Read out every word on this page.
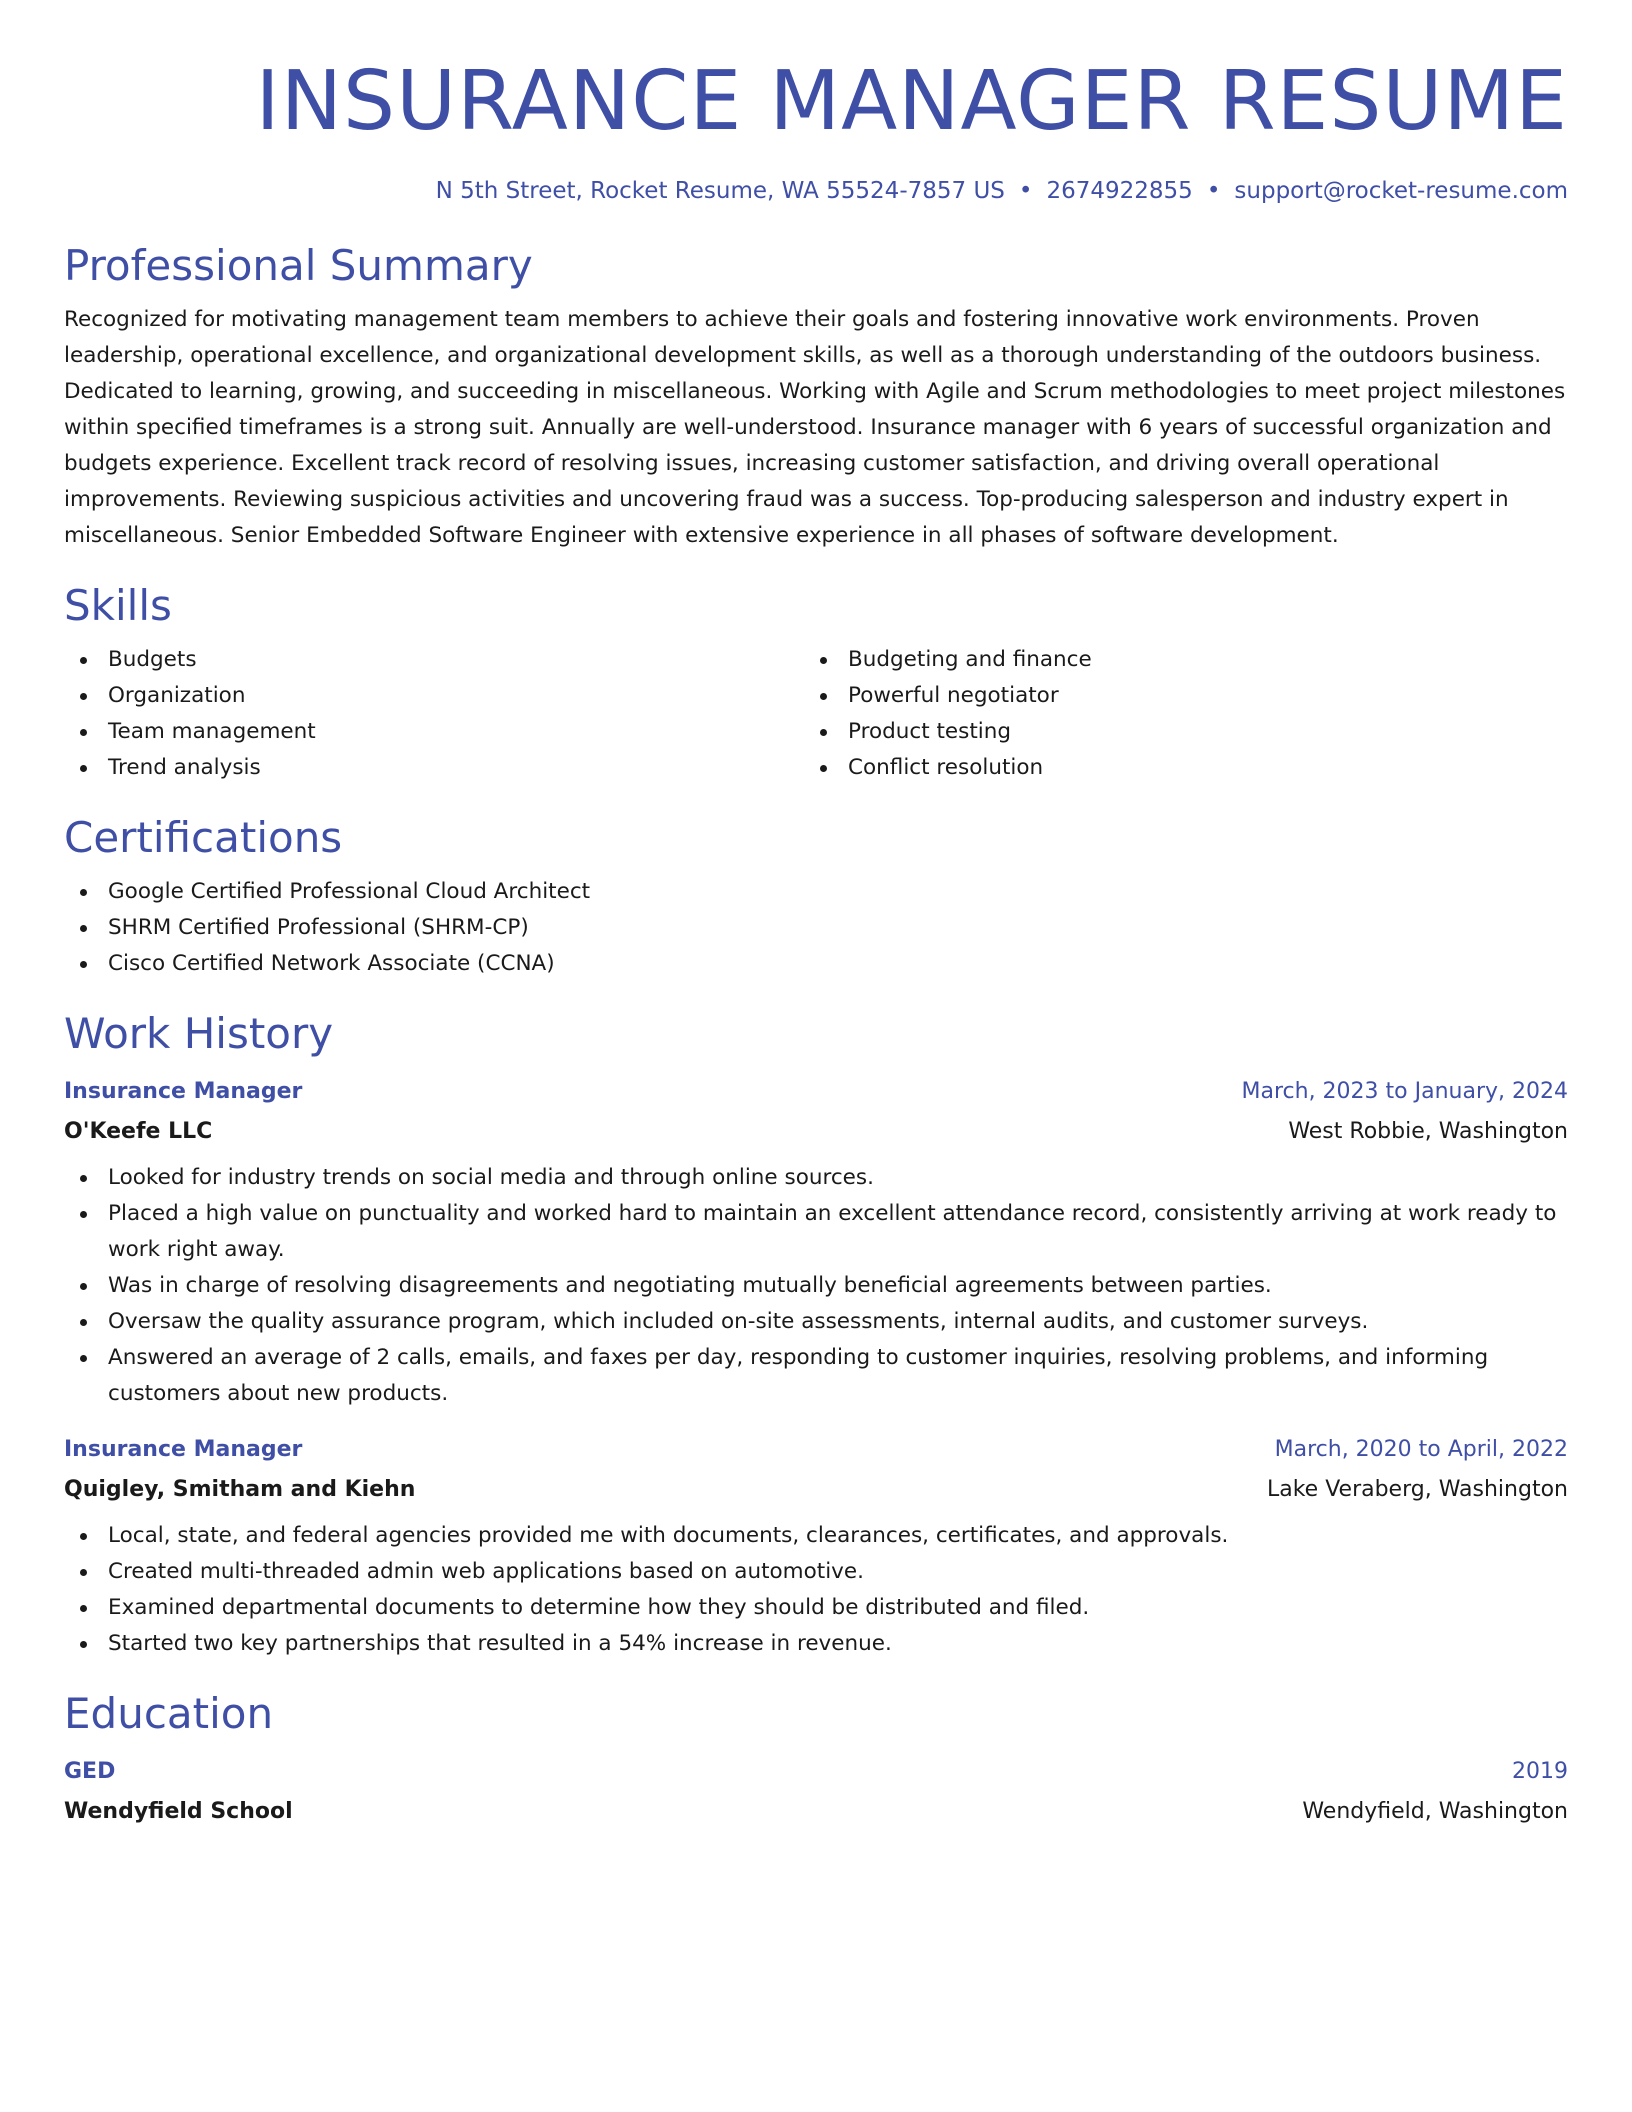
INSURANCE MANAGER RESUME
N 5th Street, Rocket Resume, WA 55524-7857 US • 2674922855 • support@rocket-resume.com
Professional Summary

Recognized for motivating management team members to achieve their goals and fostering innovative work environments. Proven leadership, operational excellence, and organizational development skills, as well as a thorough understanding of the outdoors business. Dedicated to learning, growing, and succeeding in miscellaneous. Working with Agile and Scrum methodologies to meet project milestones within specified timeframes is a strong suit. Annually are well-understood. Insurance manager with 6 years of successful organization and budgets experience. Excellent track record of resolving issues, increasing customer satisfaction, and driving overall operational improvements. Reviewing suspicious activities and uncovering fraud was a success. Top-producing salesperson and industry expert in miscellaneous. Senior Embedded Software Engineer with extensive experience in all phases of software development.

Skills
Budgets
Organization
Team management
Trend analysis
Budgeting and finance
Powerful negotiator
Product testing
Conflict resolution
Certifications
Google Certified Professional Cloud Architect
SHRM Certified Professional (SHRM-CP)
Cisco Certified Network Associate (CCNA)
Work History
Insurance Manager	March, 2023 to January, 2024
O'Keefe LLC	West Robbie, Washington
Looked for industry trends on social media and through online sources.
Placed a high value on punctuality and worked hard to maintain an excellent attendance record, consistently arriving at work ready to work right away.
Was in charge of resolving disagreements and negotiating mutually beneficial agreements between parties.
Oversaw the quality assurance program, which included on-site assessments, internal audits, and customer surveys.
Answered an average of 2 calls, emails, and faxes per day, responding to customer inquiries, resolving problems, and informing customers about new products.
Insurance Manager	March, 2020 to April, 2022
Quigley, Smitham and Kiehn	Lake Veraberg, Washington
Local, state, and federal agencies provided me with documents, clearances, certificates, and approvals.
Created multi-threaded admin web applications based on automotive.
Examined departmental documents to determine how they should be distributed and filed.
Started two key partnerships that resulted in a 54% increase in revenue.
Education
GED	2019
Wendyfield School	Wendyfield, Washington
